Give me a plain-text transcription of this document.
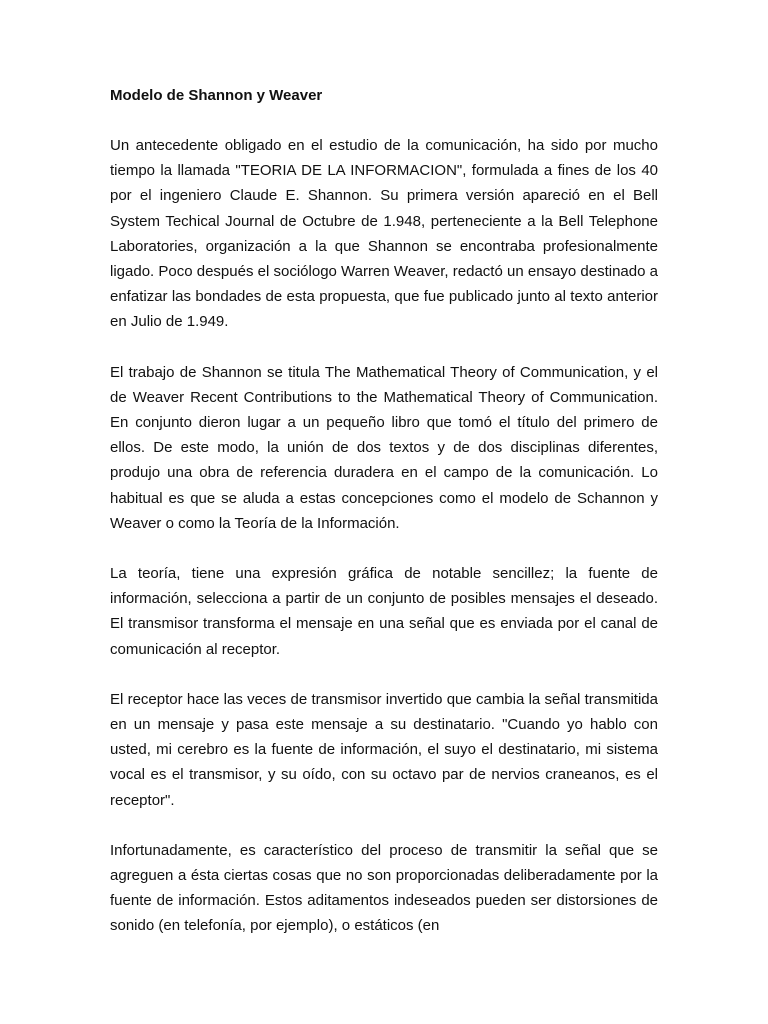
Modelo de Shannon y Weaver

Un antecedente obligado en el estudio de la comunicación, ha sido por mucho tiempo la llamada "TEORIA DE LA INFORMACION", formulada a fines de los 40 por el ingeniero Claude E. Shannon. Su primera versión apareció en el Bell System Techical Journal de Octubre de 1.948, perteneciente a la Bell Telephone Laboratories, organización a la que Shannon se encontraba profesionalmente ligado. Poco después el sociólogo Warren Weaver, redactó un ensayo destinado a enfatizar las bondades de esta propuesta, que fue publicado junto al texto anterior en Julio de 1.949.

El trabajo de Shannon se titula The Mathematical Theory of Communication, y el de Weaver Recent Contributions to the Mathematical Theory of Communication. En conjunto dieron lugar a un pequeño libro que tomó el título del primero de ellos. De este modo, la unión de dos textos y de dos disciplinas diferentes, produjo una obra de referencia duradera en el campo de la comunicación. Lo habitual es que se aluda a estas concepciones como el modelo de Schannon y Weaver o como la Teoría de la Información.

La teoría, tiene una expresión gráfica de notable sencillez; la fuente de información, selecciona a partir de un conjunto de posibles mensajes el deseado. El transmisor transforma el mensaje en una señal que es enviada por el canal de comunicación al receptor.

El receptor hace las veces de transmisor invertido que cambia la señal transmitida en un mensaje y pasa este mensaje a su destinatario. "Cuando yo hablo con usted, mi cerebro es la fuente de información, el suyo el destinatario, mi sistema vocal es el transmisor, y su oído, con su octavo par de nervios craneanos, es el receptor".

Infortunadamente, es característico del proceso de transmitir la señal que se agreguen a ésta ciertas cosas que no son proporcionadas deliberadamente por la fuente de información. Estos aditamentos indeseados pueden ser distorsiones de sonido (en telefonía, por ejemplo), o estáticos (en
